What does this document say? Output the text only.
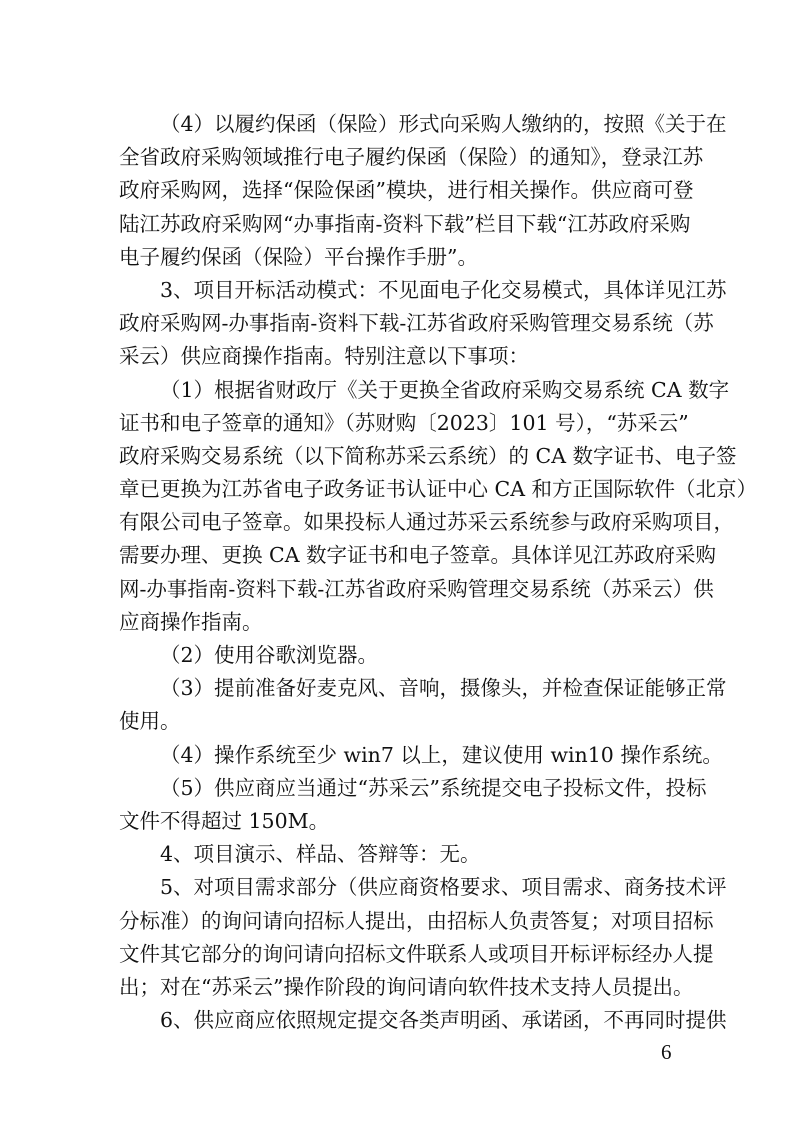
（4）以履约保函（保险）形式向采购人缴纳的，按照《关于在
全省政府采购领域推行电子履约保函（保险）的通知》，登录江苏
政府采购网，选择“保险保函”模块，进行相关操作。供应商可登
陆江苏政府采购网“办事指南-资料下载”栏目下载“江苏政府采购
电子履约保函（保险）平台操作手册”。
3、项目开标活动模式：不见面电子化交易模式，具体详见江苏
政府采购网-办事指南-资料下载-江苏省政府采购管理交易系统（苏
采云）供应商操作指南。特别注意以下事项：
（1）根据省财政厅《关于更换全省政府采购交易系统 CA 数字
证书和电子签章的通知》（苏财购〔2023〕101 号），“苏采云”
政府采购交易系统（以下简称苏采云系统）的 CA 数字证书、电子签
章已更换为江苏省电子政务证书认证中心 CA 和方正国际软件（北京）
有限公司电子签章。如果投标人通过苏采云系统参与政府采购项目，
需要办理、更换 CA 数字证书和电子签章。具体详见江苏政府采购
网-办事指南-资料下载-江苏省政府采购管理交易系统（苏采云）供
应商操作指南。
（2）使用谷歌浏览器。
（3）提前准备好麦克风、音响，摄像头，并检查保证能够正常
使用。
（4）操作系统至少 win7 以上，建议使用 win10 操作系统。
（5）供应商应当通过“苏采云”系统提交电子投标文件，投标
文件不得超过 150M。
4、项目演示、样品、答辩等：无。
5、对项目需求部分（供应商资格要求、项目需求、商务技术评
分标准）的询问请向招标人提出，由招标人负责答复；对项目招标
文件其它部分的询问请向招标文件联系人或项目开标评标经办人提
出；对在“苏采云”操作阶段的询问请向软件技术支持人员提出。
6、供应商应依照规定提交各类声明函、承诺函，不再同时提供
6
